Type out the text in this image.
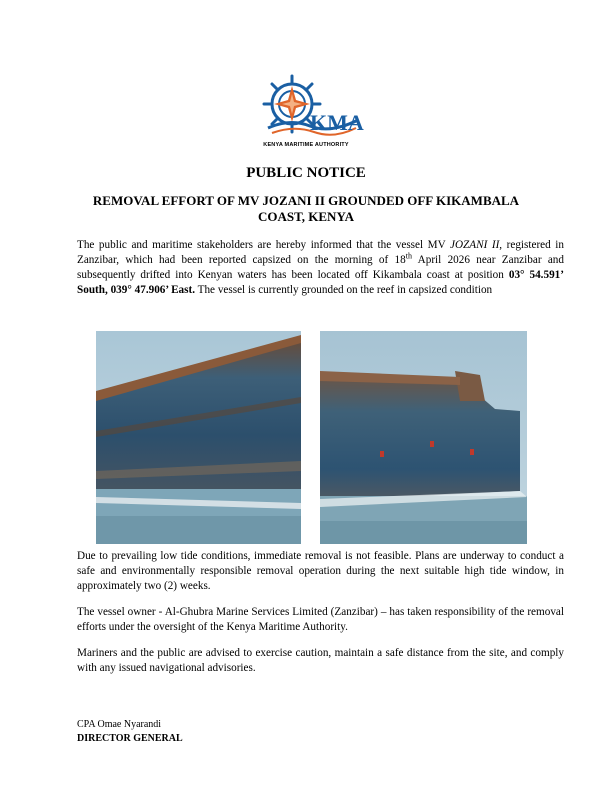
KMA
KENYA MARITIME AUTHORITY
PUBLIC NOTICE
REMOVAL EFFORT OF MV JOZANI II GROUNDED OFF KIKAMBALA
COAST, KENYA
The public and maritime stakeholders are hereby informed that the vessel MV JOZANI II, registered in Zanzibar, which had been reported capsized on the morning of 18th April 2026 near Zanzibar and subsequently drifted into Kenyan waters has been located off Kikambala coast at position 03° 54.591’ South, 039° 47.906’ East. The vessel is currently grounded on the reef in capsized condition
Due to prevailing low tide conditions, immediate removal is not feasible. Plans are underway to conduct a safe and environmentally responsible removal operation during the next suitable high tide window, in approximately two (2) weeks.
The vessel owner - Al-Ghubra Marine Services Limited (Zanzibar) – has taken responsibility of the removal efforts under the oversight of the Kenya Maritime Authority.
Mariners and the public are advised to exercise caution, maintain a safe distance from the site, and comply with any issued navigational advisories.
CPA Omae Nyarandi
DIRECTOR GENERAL
